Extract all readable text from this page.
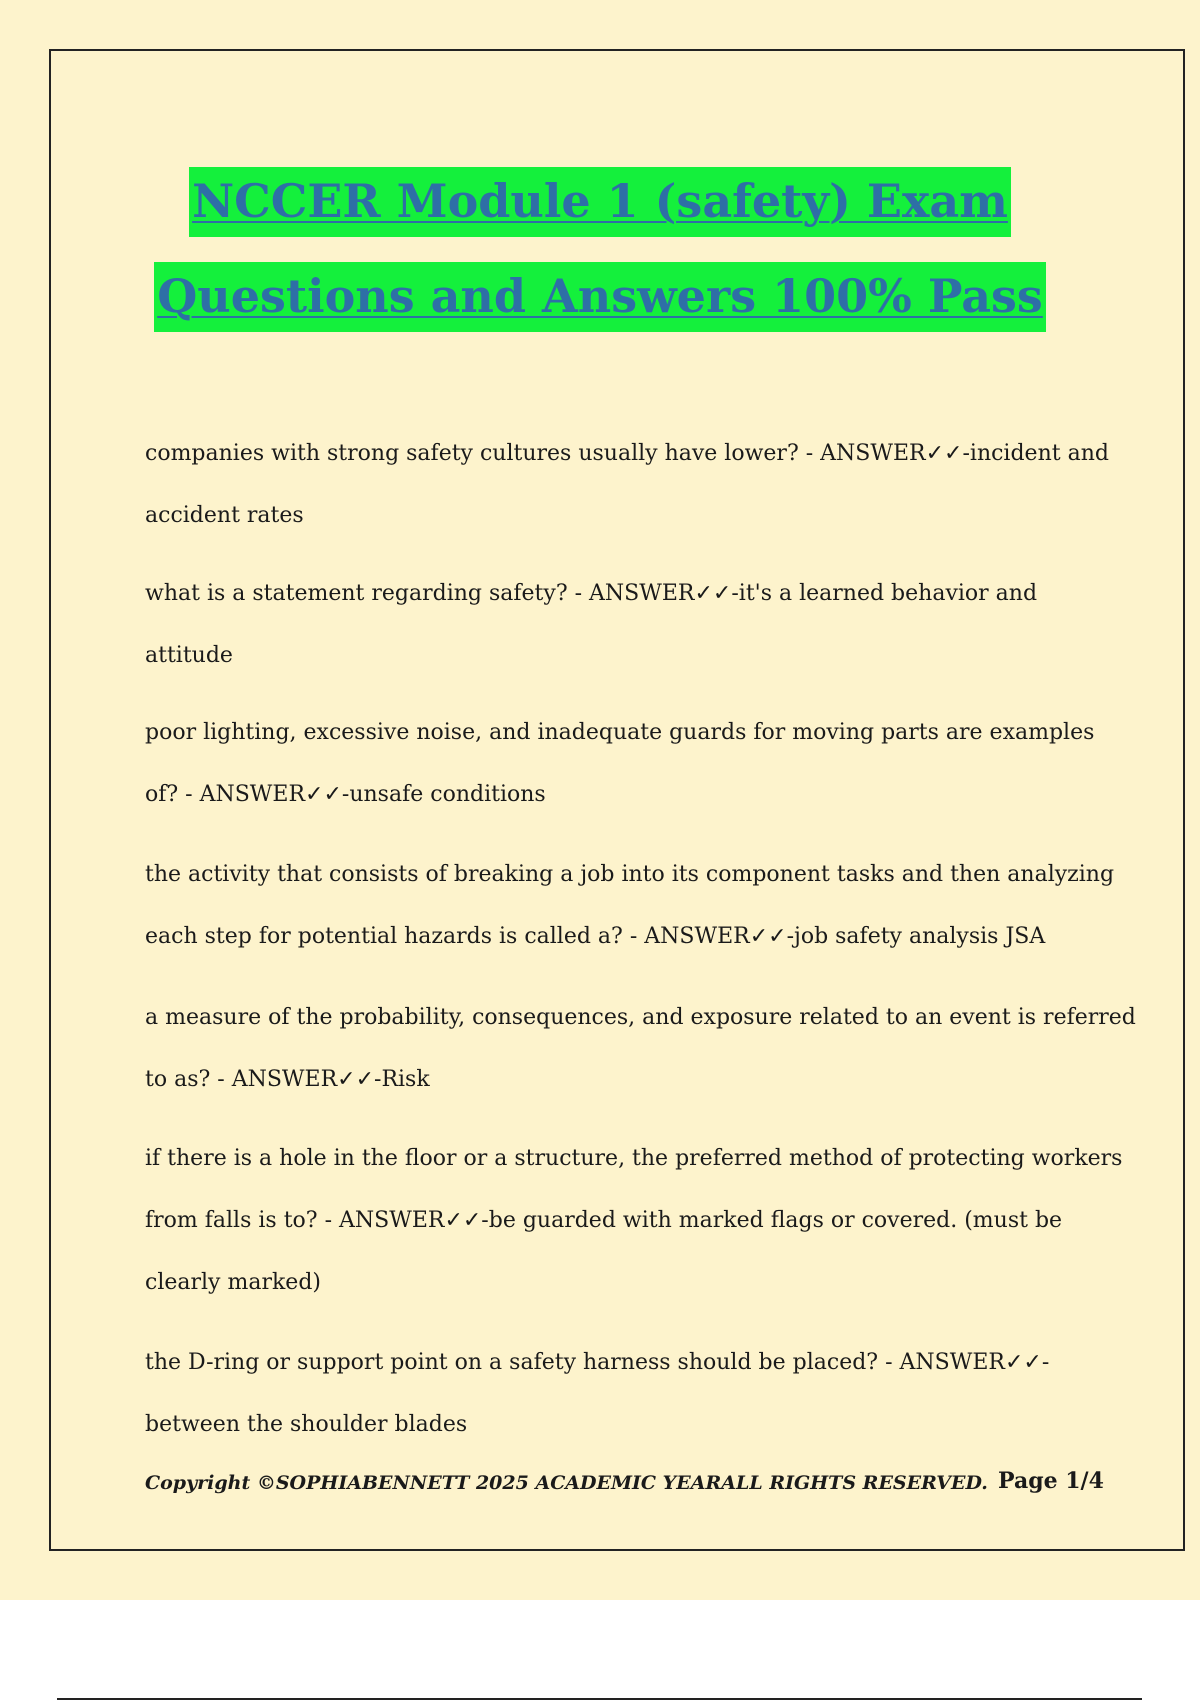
NCCER Module 1 (safety) Exam
Questions and Answers 100% Pass

companies with strong safety cultures usually have lower? - ANSWER✓✓-incident and
accident rates

what is a statement regarding safety? - ANSWER✓✓-it's a learned behavior and
attitude

poor lighting, excessive noise, and inadequate guards for moving parts are examples
of? - ANSWER✓✓-unsafe conditions

the activity that consists of breaking a job into its component tasks and then analyzing
each step for potential hazards is called a? - ANSWER✓✓-job safety analysis JSA

a measure of the probability, consequences, and exposure related to an event is referred
to as? - ANSWER✓✓-Risk

if there is a hole in the floor or a structure, the preferred method of protecting workers
from falls is to? - ANSWER✓✓-be guarded with marked flags or covered. (must be
clearly marked)

the D-ring or support point on a safety harness should be placed? - ANSWER✓✓-
between the shoulder blades

Copyright ©SOPHIABENNETT 2025 ACADEMIC YEARALL RIGHTS RESERVED. Page 1/4
